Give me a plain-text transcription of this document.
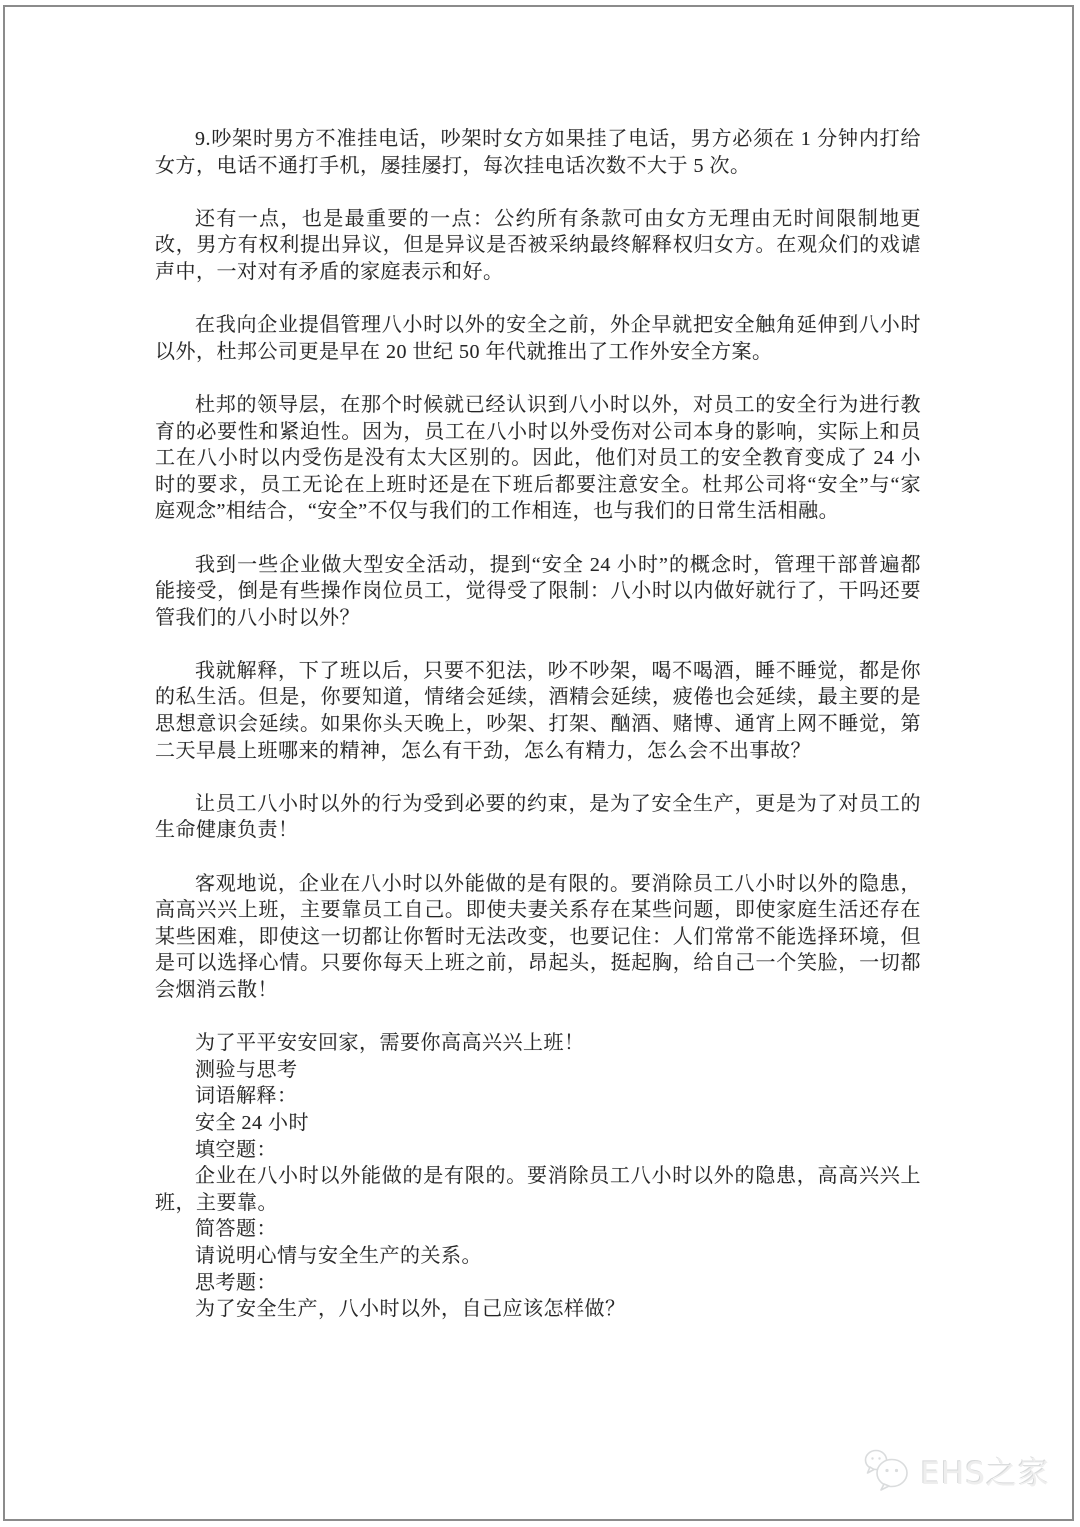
9.吵架时男方不准挂电话，吵架时女方如果挂了电话，男方必须在 1 分钟内打给女方，电话不通打手机，屡挂屡打，每次挂电话次数不大于 5 次。

还有一点，也是最重要的一点：公约所有条款可由女方无理由无时间限制地更改，男方有权利提出异议，但是异议是否被采纳最终解释权归女方。在观众们的戏谑声中，一对对有矛盾的家庭表示和好。

在我向企业提倡管理八小时以外的安全之前，外企早就把安全触角延伸到八小时以外，杜邦公司更是早在 20 世纪 50 年代就推出了工作外安全方案。

杜邦的领导层，在那个时候就已经认识到八小时以外，对员工的安全行为进行教育的必要性和紧迫性。因为，员工在八小时以外受伤对公司本身的影响，实际上和员工在八小时以内受伤是没有太大区别的。因此，他们对员工的安全教育变成了 24 小时的要求，员工无论在上班时还是在下班后都要注意安全。杜邦公司将“安全”与“家庭观念”相结合，“安全”不仅与我们的工作相连，也与我们的日常生活相融。

我到一些企业做大型安全活动，提到“安全 24 小时”的概念时，管理干部普遍都能接受，倒是有些操作岗位员工，觉得受了限制：八小时以内做好就行了，干吗还要管我们的八小时以外？

我就解释，下了班以后，只要不犯法，吵不吵架，喝不喝酒，睡不睡觉，都是你的私生活。但是，你要知道，情绪会延续，酒精会延续，疲倦也会延续，最主要的是思想意识会延续。如果你头天晚上，吵架、打架、酗酒、赌博、通宵上网不睡觉，第二天早晨上班哪来的精神，怎么有干劲，怎么有精力，怎么会不出事故？

让员工八小时以外的行为受到必要的约束，是为了安全生产，更是为了对员工的生命健康负责！

客观地说，企业在八小时以外能做的是有限的。要消除员工八小时以外的隐患，高高兴兴上班，主要靠员工自己。即使夫妻关系存在某些问题，即使家庭生活还存在某些困难，即使这一切都让你暂时无法改变，也要记住：人们常常不能选择环境，但是可以选择心情。只要你每天上班之前，昂起头，挺起胸，给自己一个笑脸，一切都会烟消云散！

为了平平安安回家，需要你高高兴兴上班！

测验与思考

词语解释：

安全 24 小时

填空题：

企业在八小时以外能做的是有限的。要消除员工八小时以外的隐患，高高兴兴上班，主要靠。

简答题：

请说明心情与安全生产的关系。

思考题：

为了安全生产，八小时以外，自己应该怎样做？

EHS之家
